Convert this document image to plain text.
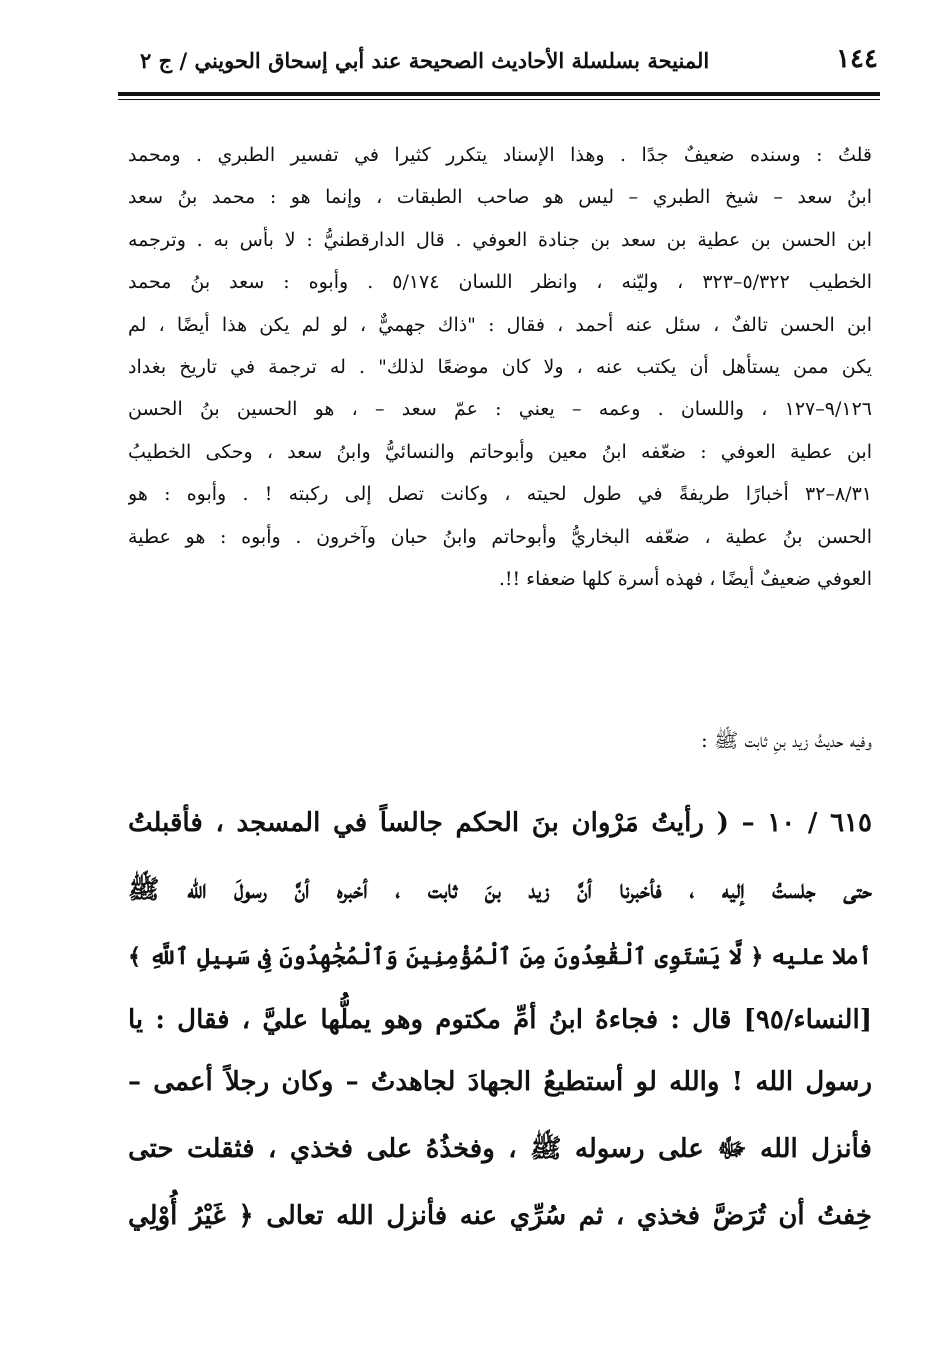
١٤٤
المنيحة بسلسلة الأحاديث الصحيحة عند أبي إسحاق الحويني / ج ٢
قلتُ : وسنده ضعيفٌ جدًا . وهذا الإسناد يتكرر كثيرا في تفسير الطبري . ومحمد
ابنُ سعد – شيخ الطبري – ليس هو صاحب الطبقات ، وإنما هو : محمد بنُ سعد
ابن الحسن بن عطية بن سعد بن جنادة العوفي . قال الدارقطنيُّ : لا بأس به . وترجمه
الخطيب ٥/٣٢٢–٣٢٣ ، وليّنه ، وانظر اللسان ٥/١٧٤ . وأبوه : سعد بنُ محمد
ابن الحسن تالفٌ ، سئل عنه أحمد ، فقال : "ذاك جهميٌّ ، لو لم يكن هذا أيضًا ، لم
يكن ممن يستأهل أن يكتب عنه ، ولا كان موضعًا لذلك" . له ترجمة في تاريخ بغداد
٩/١٢٦–١٢٧ ، واللسان . وعمه – يعني : عمّ سعد – ، هو الحسين بنُ الحسن
ابن عطية العوفي : ضعّفه ابنُ معين وأبوحاتم والنسائيُّ وابنُ سعد ، وحكى الخطيبُ
٨/٣١–٣٢ أخبارًا طريفةً في طول لحيته ، وكانت تصل إلى ركبته ! . وأبوه : هو
الحسن بنُ عطية ، ضعّفه البخاريُّ وأبوحاتم وابنُ حبان وآخرون . وأبوه : هو عطية
العوفي ضعيفٌ أيضًا ، فهذه أسرة كلها ضعفاء !!.
وفيه حديثُ زيد بنِ ثابت ﷺ :
٦١٥ / ١٠ – ( رأيتُ مَرْوان بنَ الحكم جالساً في المسجد ، فأقبلتُ
حتى جلستُ إليه ، فأخبرنا أنَّ زيد بنَ ثابت ، أخبره أنَّ رسولَ الله ﷺ
أملا عليه ﴿ لَّا يَسْتَوِى ٱلْقَٰعِدُونَ مِنَ ٱلْمُؤْمِنِينَ وَٱلْمُجَٰهِدُونَ فِى سَبِيلِ ٱللَّهِ ﴾
[النساء/٩٥] قال : فجاءهُ ابنُ أمِّ مكتوم وهو يملُّها عليَّ ، فقال : يا
رسول الله ! والله لو أستطيعُ الجهادَ لجاهدتُ – وكان رجلاً أعمى –
فأنزل الله ﷻ على رسوله ﷺ ، وفخذُهُ على فخذي ، فثقلت حتى
خِفتُ أن تُرَضَّ فخذي ، ثم سُرِّي عنه فأنزل الله تعالى ﴿ غَيْرُ أُوْلِي
